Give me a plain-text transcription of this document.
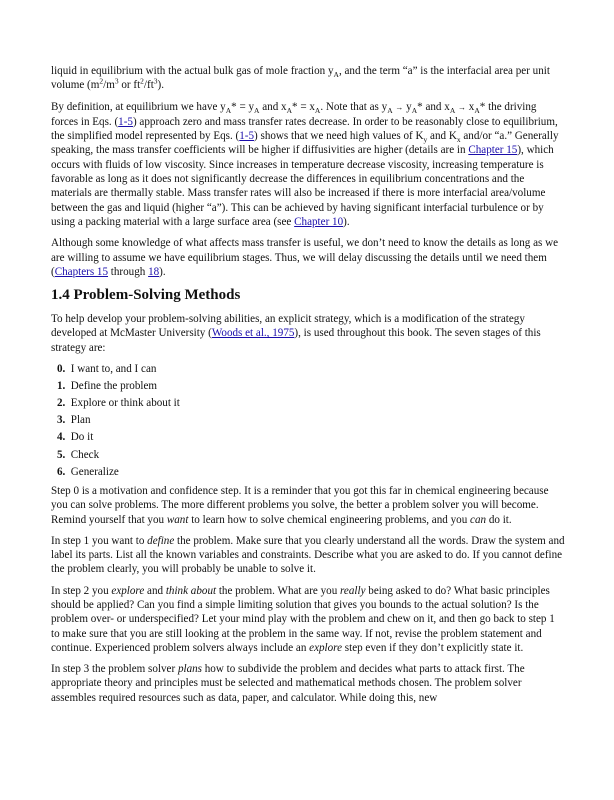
liquid in equilibrium with the actual bulk gas of mole fraction $y_A$, and the term “a” is the interfacial area per unit volume ($m^2/m^3$ or $ft^2/ft^3$).

By definition, at equilibrium we have $y_A* = y_A$ and $x_A* = x_A$. Note that as $y_A \to y_A*$ and $x_A \to x_A*$ the driving forces in Eqs. (1-5) approach zero and mass transfer rates decrease. In order to be reasonably close to equilibrium, the simplified model represented by Eqs. (1-5) shows that we need high values of $K_y$ and $K_x$ and/or “a.” Generally speaking, the mass transfer coefficients will be higher if diffusivities are higher (details are in Chapter 15), which occurs with fluids of low viscosity. Since increases in temperature decrease viscosity, increasing temperature is favorable as long as it does not significantly decrease the differences in equilibrium concentrations and the materials are thermally stable. Mass transfer rates will also be increased if there is more interfacial area/volume between the gas and liquid (higher “a”). This can be achieved by having significant interfacial turbulence or by using a packing material with a large surface area (see Chapter 10).

Although some knowledge of what affects mass transfer is useful, we don’t need to know the details as long as we are willing to assume we have equilibrium stages. Thus, we will delay discussing the details until we need them (Chapters 15 through 18).

1.4 Problem-Solving Methods

To help develop your problem-solving abilities, an explicit strategy, which is a modification of the strategy developed at McMaster University (Woods et al., 1975), is used throughout this book. The seven stages of this strategy are:

0. I want to, and I can
1. Define the problem
2. Explore or think about it
3. Plan
4. Do it
5. Check
6. Generalize

Step 0 is a motivation and confidence step. It is a reminder that you got this far in chemical engineering because you can solve problems. The more different problems you solve, the better a problem solver you will become. Remind yourself that you want to learn how to solve chemical engineering problems, and you can do it.

In step 1 you want to define the problem. Make sure that you clearly understand all the words. Draw the system and label its parts. List all the known variables and constraints. Describe what you are asked to do. If you cannot define the problem clearly, you will probably be unable to solve it.

In step 2 you explore and think about the problem. What are you really being asked to do? What basic principles should be applied? Can you find a simple limiting solution that gives you bounds to the actual solution? Is the problem over- or underspecified? Let your mind play with the problem and chew on it, and then go back to step 1 to make sure that you are still looking at the problem in the same way. If not, revise the problem statement and continue. Experienced problem solvers always include an explore step even if they don’t explicitly state it.

In step 3 the problem solver plans how to subdivide the problem and decides what parts to attack first. The appropriate theory and principles must be selected and mathematical methods chosen. The problem solver assembles required resources such as data, paper, and calculator. While doing this, new
